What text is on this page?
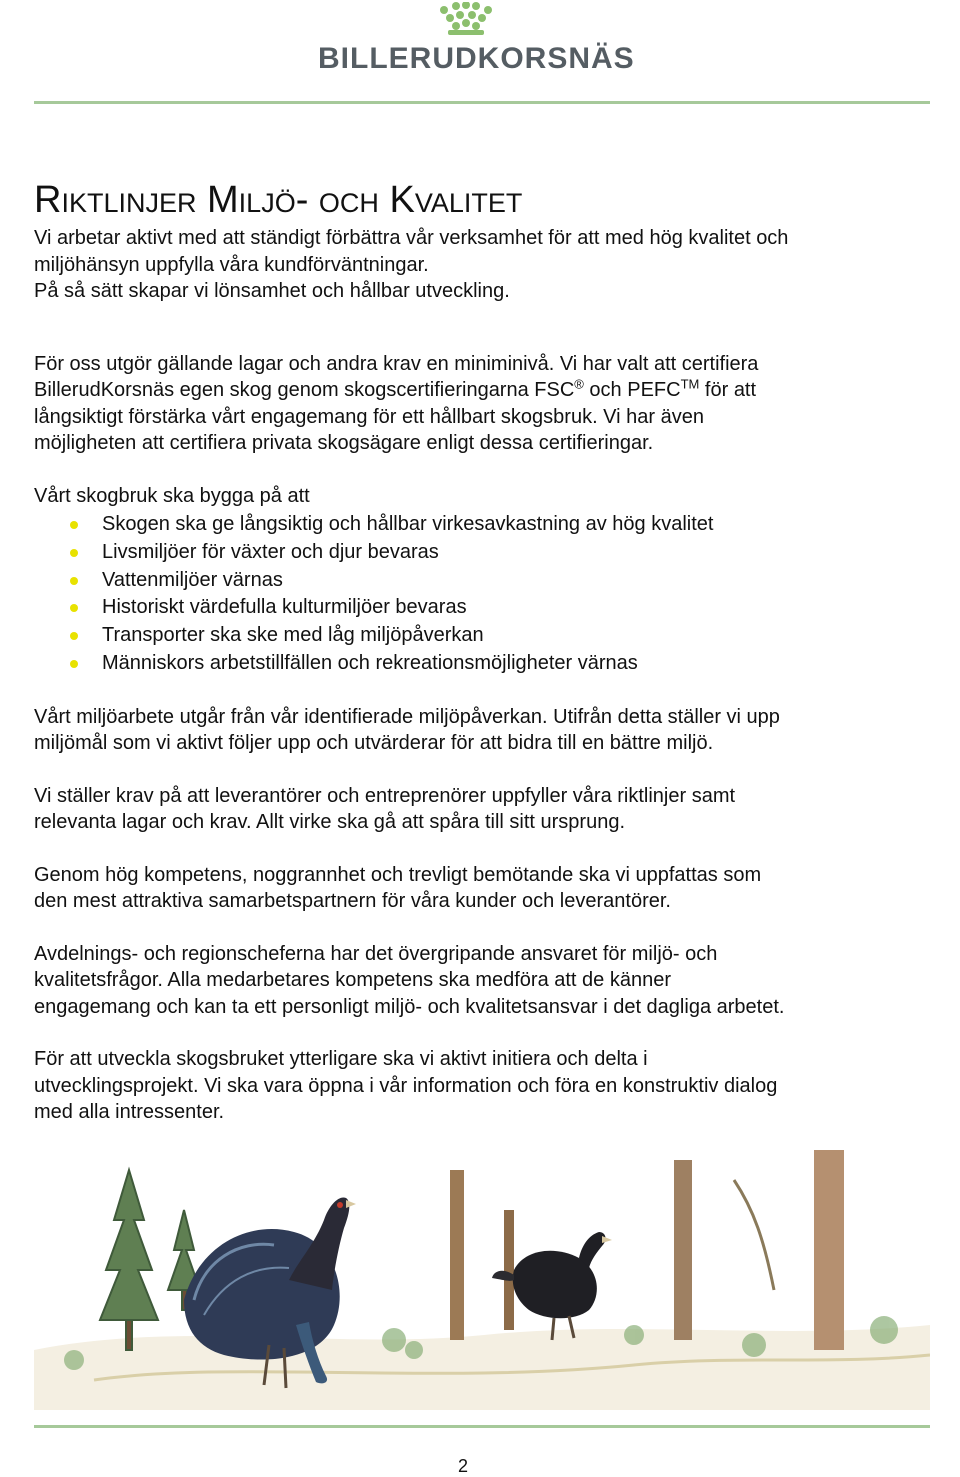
BILLERUDKORSNÄS
Riktlinjer Miljö- och Kvalitet

Vi arbetar aktivt med att ständigt förbättra vår verksamhet för att med hög kvalitet och
miljöhänsyn uppfylla våra kundförväntningar.
På så sätt skapar vi lönsamhet och hållbar utveckling.

För oss utgör gällande lagar och andra krav en miniminivå. Vi har valt att certifiera
BillerudKorsnäs egen skog genom skogscertifieringarna FSC® och PEFC™ för att
långsiktigt förstärka vårt engagemang för ett hållbart skogsbruk. Vi har även
möjligheten att certifiera privata skogsägare enligt dessa certifieringar.

Vårt skogbruk ska bygga på att

Skogen ska ge långsiktig och hållbar virkesavkastning av hög kvalitet
Livsmiljöer för växter och djur bevaras
Vattenmiljöer värnas
Historiskt värdefulla kulturmiljöer bevaras
Transporter ska ske med låg miljöpåverkan
Människors arbetstillfällen och rekreationsmöjligheter värnas

Vårt miljöarbete utgår från vår identifierade miljöpåverkan. Utifrån detta ställer vi upp
miljömål som vi aktivt följer upp och utvärderar för att bidra till en bättre miljö.

Vi ställer krav på att leverantörer och entreprenörer uppfyller våra riktlinjer samt
relevanta lagar och krav. Allt virke ska gå att spåra till sitt ursprung.

Genom hög kompetens, noggrannhet och trevligt bemötande ska vi uppfattas som
den mest attraktiva samarbetspartnern för våra kunder och leverantörer.

Avdelnings- och regionscheferna har det övergripande ansvaret för miljö- och
kvalitetsfrågor. Alla medarbetares kompetens ska medföra att de känner
engagemang och kan ta ett personligt miljö- och kvalitetsansvar i det dagliga arbetet.

För att utveckla skogsbruket ytterligare ska vi aktivt initiera och delta i
utvecklingsprojekt. Vi ska vara öppna i vår information och föra en konstruktiv dialog
med alla intressenter.

2
